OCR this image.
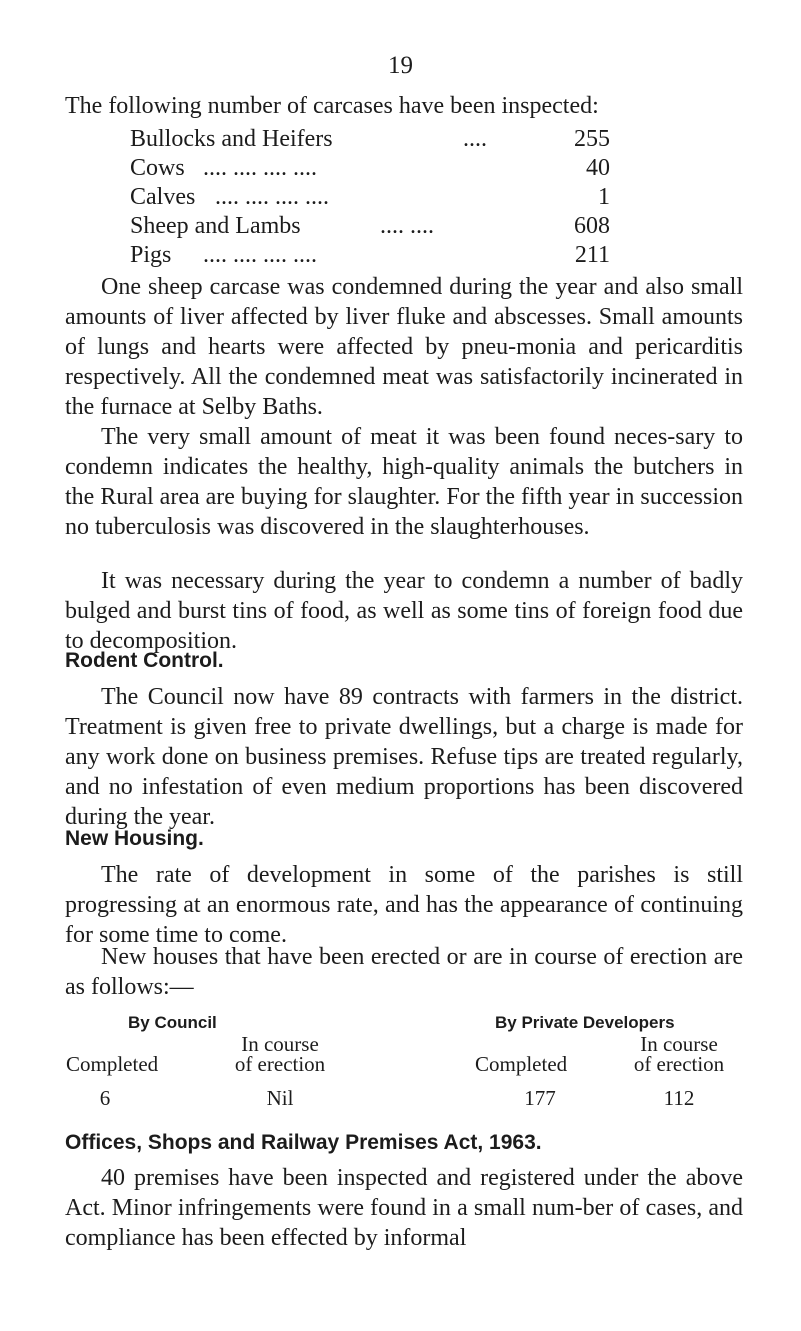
19
The following number of carcases have been inspected:
Bullocks and Heifers	....	255
Cows .... .... .... ....	40
Calves .... .... .... ....	1
Sheep and Lambs	.... ....	608
Pigs .... .... .... ....	211

One sheep carcase was condemned during the year and also small amounts of liver affected by liver fluke and abscesses. Small amounts of lungs and hearts were affected by pneu-monia and pericarditis respectively. All the condemned meat was satisfactorily incinerated in the furnace at Selby Baths.

The very small amount of meat it was been found neces-sary to condemn indicates the healthy, high-quality animals the butchers in the Rural area are buying for slaughter. For the fifth year in succession no tuberculosis was discovered in the slaughterhouses.

It was necessary during the year to condemn a number of badly bulged and burst tins of food, as well as some tins of foreign food due to decomposition.

Rodent Control.

The Council now have 89 contracts with farmers in the district. Treatment is given free to private dwellings, but a charge is made for any work done on business premises. Refuse tips are treated regularly, and no infestation of even medium proportions has been discovered during the year.

New Housing.

The rate of development in some of the parishes is still progressing at an enormous rate, and has the appearance of continuing for some time to come.

New houses that have been erected or are in course of erection are as follows:—

By Council	By Private Developers
In course	In course
Completed	of erection	Completed	of erection
6	Nil	177	112
Offices, Shops and Railway Premises Act, 1963.

40 premises have been inspected and registered under the above Act. Minor infringements were found in a small num-ber of cases, and compliance has been effected by informal
